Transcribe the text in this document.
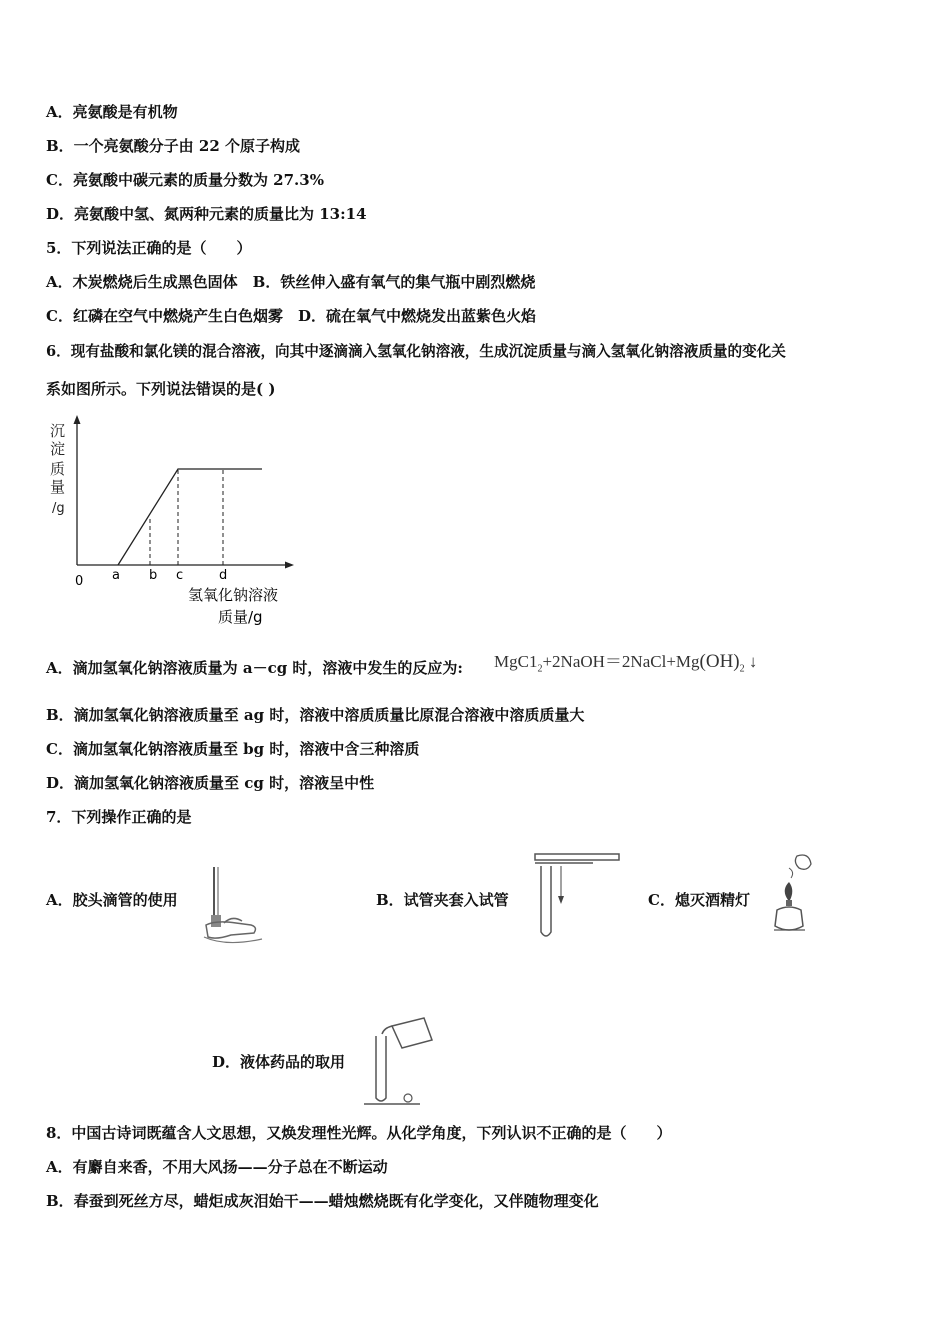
A．亮氨酸是有机物
B．一个亮氨酸分子由 22 个原子构成
C．亮氨酸中碳元素的质量分数为 27.3%
D．亮氨酸中氢、氮两种元素的质量比为 13:14
5．下列说法正确的是（　　）
A．木炭燃烧后生成黑色固体　B．铁丝伸入盛有氧气的集气瓶中剧烈燃烧
C．红磷在空气中燃烧产生白色烟雾　D．硫在氧气中燃烧发出蓝紫色火焰
6．现有盐酸和氯化镁的混合溶液，向其中逐滴滴入氢氧化钠溶液，生成沉淀质量与滴入氢氧化钠溶液质量的变化关
系如图所示。下列说法错误的是( )
沉
淀
质
量
/g
0 a b c	d
氢氧化钠溶液
质量/g
A．滴加氢氧化钠溶液质量为 a－cg 时，溶液中发生的反应为: $MgC1_2+2NaOH=2NaCl+Mg(OH)_2$ ↓
B．滴加氢氧化钠溶液质量至 ag 时，溶液中溶质质量比原混合溶液中溶质质量大
C．滴加氢氧化钠溶液质量至 bg 时，溶液中含三种溶质
D．滴加氢氧化钠溶液质量至 cg 时，溶液呈中性
7．下列操作正确的是
A．胶头滴管的使用	B．试管夹套入试管	C．熄灭酒精灯
D．液体药品的取用
8．中国古诗词既蕴含人文思想，又焕发理性光辉。从化学角度，下列认识不正确的是（　　）
A．有麝自来香，不用大风扬——分子总在不断运动
B．春蚕到死丝方尽，蜡炬成灰泪始干——蜡烛燃烧既有化学变化，又伴随物理变化
